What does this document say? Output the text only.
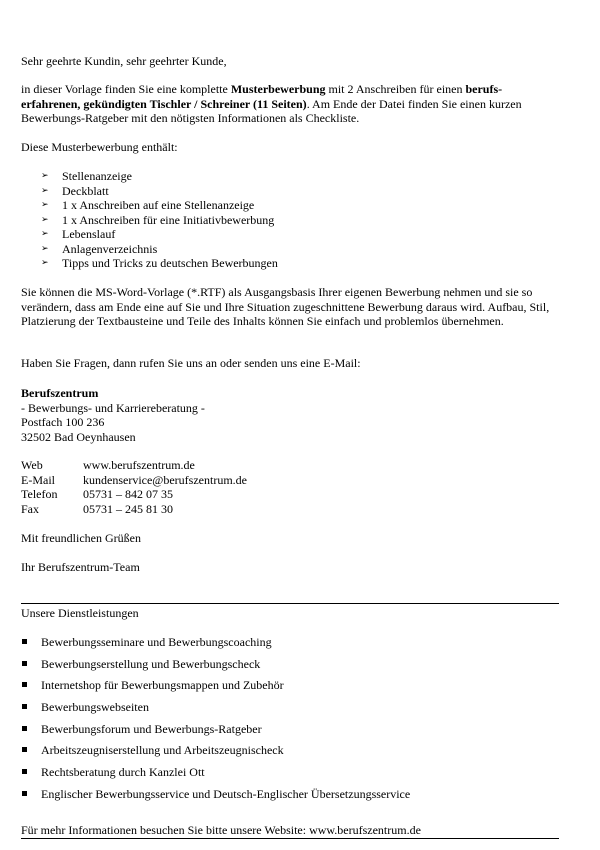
Sehr geehrte Kundin, sehr geehrter Kunde,

in dieser Vorlage finden Sie eine komplette Musterbewerbung mit 2 Anschreiben für einen berufs-erfahrenen, gekündigten Tischler / Schreiner (11 Seiten). Am Ende der Datei finden Sie einen kurzen Bewerbungs-Ratgeber mit den nötigsten Informationen als Checkliste.

Diese Musterbewerbung enthält:

➢ Stellenanzeige
➢ Deckblatt
➢ 1 x Anschreiben auf eine Stellenanzeige
➢ 1 x Anschreiben für eine Initiativbewerbung
➢ Lebenslauf
➢ Anlagenverzeichnis
➢ Tipps und Tricks zu deutschen Bewerbungen

Sie können die MS-Word-Vorlage (*.RTF) als Ausgangsbasis Ihrer eigenen Bewerbung nehmen und sie so verändern, dass am Ende eine auf Sie und Ihre Situation zugeschnittene Bewerbung daraus wird. Aufbau, Stil, Platzierung der Textbausteine und Teile des Inhalts können Sie einfach und problemlos übernehmen.

Haben Sie Fragen, dann rufen Sie uns an oder senden uns eine E-Mail:

Berufszentrum

- Bewerbungs- und Karriereberatung -

Postfach 100 236

32502 Bad Oeynhausen

Web	www.berufszentrum.de
E-Mail	kundenservice@berufszentrum.de
Telefon	05731 – 842 07 35
Fax	05731 – 245 81 30

Mit freundlichen Grüßen

Ihr Berufszentrum-Team

Unsere Dienstleistungen

Bewerbungsseminare und Bewerbungscoaching
Bewerbungserstellung und Bewerbungscheck
Internetshop für Bewerbungsmappen und Zubehör
Bewerbungswebseiten
Bewerbungsforum und Bewerbungs-Ratgeber
Arbeitszeugniserstellung und Arbeitszeugnischeck
Rechtsberatung durch Kanzlei Ott
Englischer Bewerbungsservice und Deutsch-Englischer Übersetzungsservice

Für mehr Informationen besuchen Sie bitte unsere Website: www.berufszentrum.de
